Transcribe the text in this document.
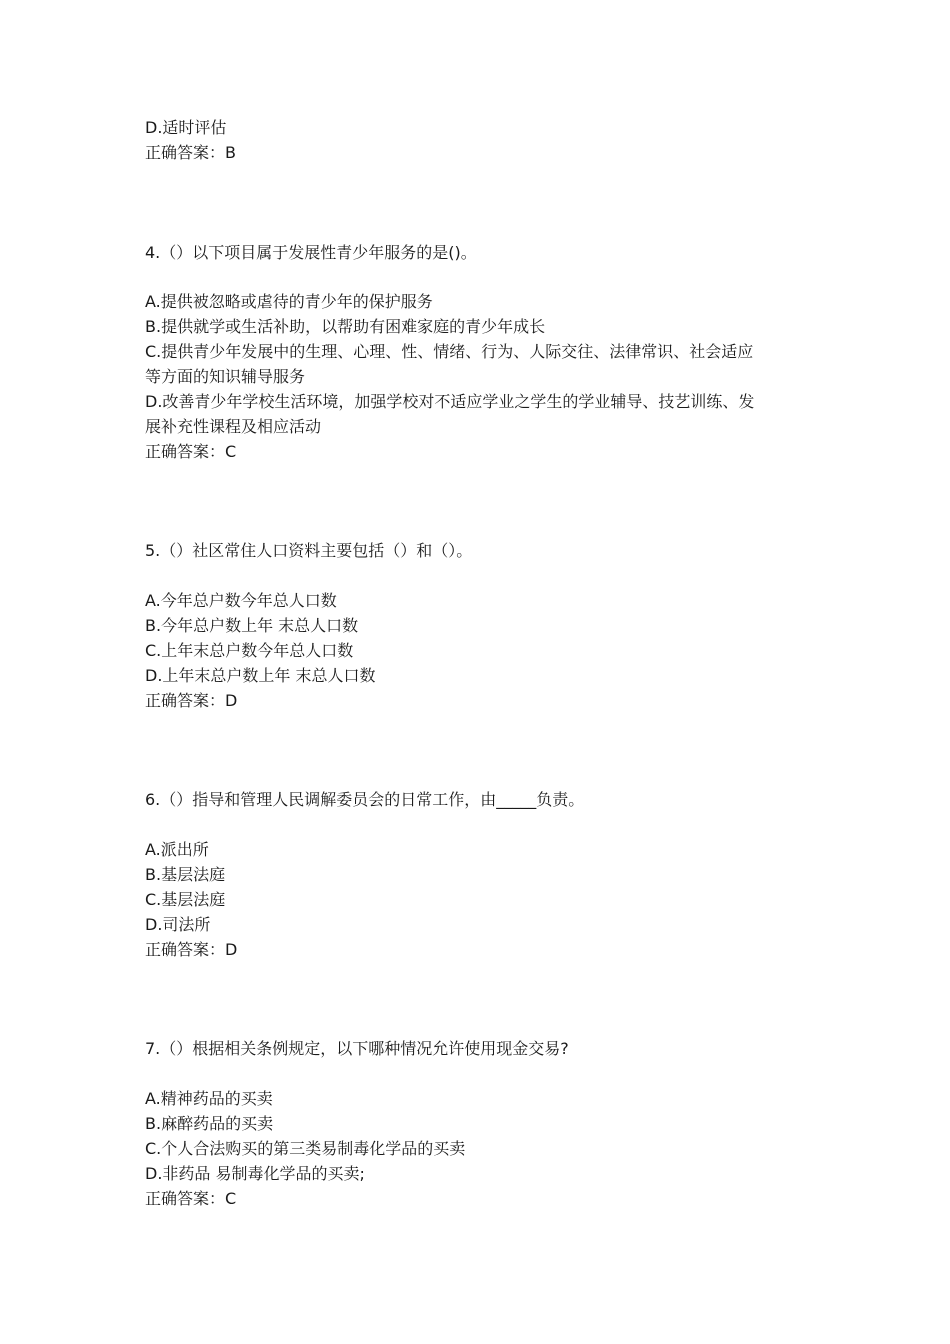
D.适时评估
正确答案：B
4.（）以下项目属于发展性青少年服务的是()。
A.提供被忽略或虐待的青少年的保护服务
B.提供就学或生活补助，以帮助有困难家庭的青少年成长
C.提供青少年发展中的生理、心理、性、情绪、行为、人际交往、法律常识、社会适应
等方面的知识辅导服务
D.改善青少年学校生活环境，加强学校对不适应学业之学生的学业辅导、技艺训练、发
展补充性课程及相应活动
正确答案：C
5.（）社区常住人口资料主要包括（）和（）。
A.今年总户数今年总人口数
B.今年总户数上年 末总人口数
C.上年末总户数今年总人口数
D.上年末总户数上年 末总人口数
正确答案：D
6.（）指导和管理人民调解委员会的日常工作，由_____负责。
A.派出所
B.基层法庭
C.基层法庭
D.司法所
正确答案：D
7.（）根据相关条例规定，以下哪种情况允许使用现金交易?
A.精神药品的买卖
B.麻醉药品的买卖
C.个人合法购买的第三类易制毒化学品的买卖
D.非药品 易制毒化学品的买卖;
正确答案：C
